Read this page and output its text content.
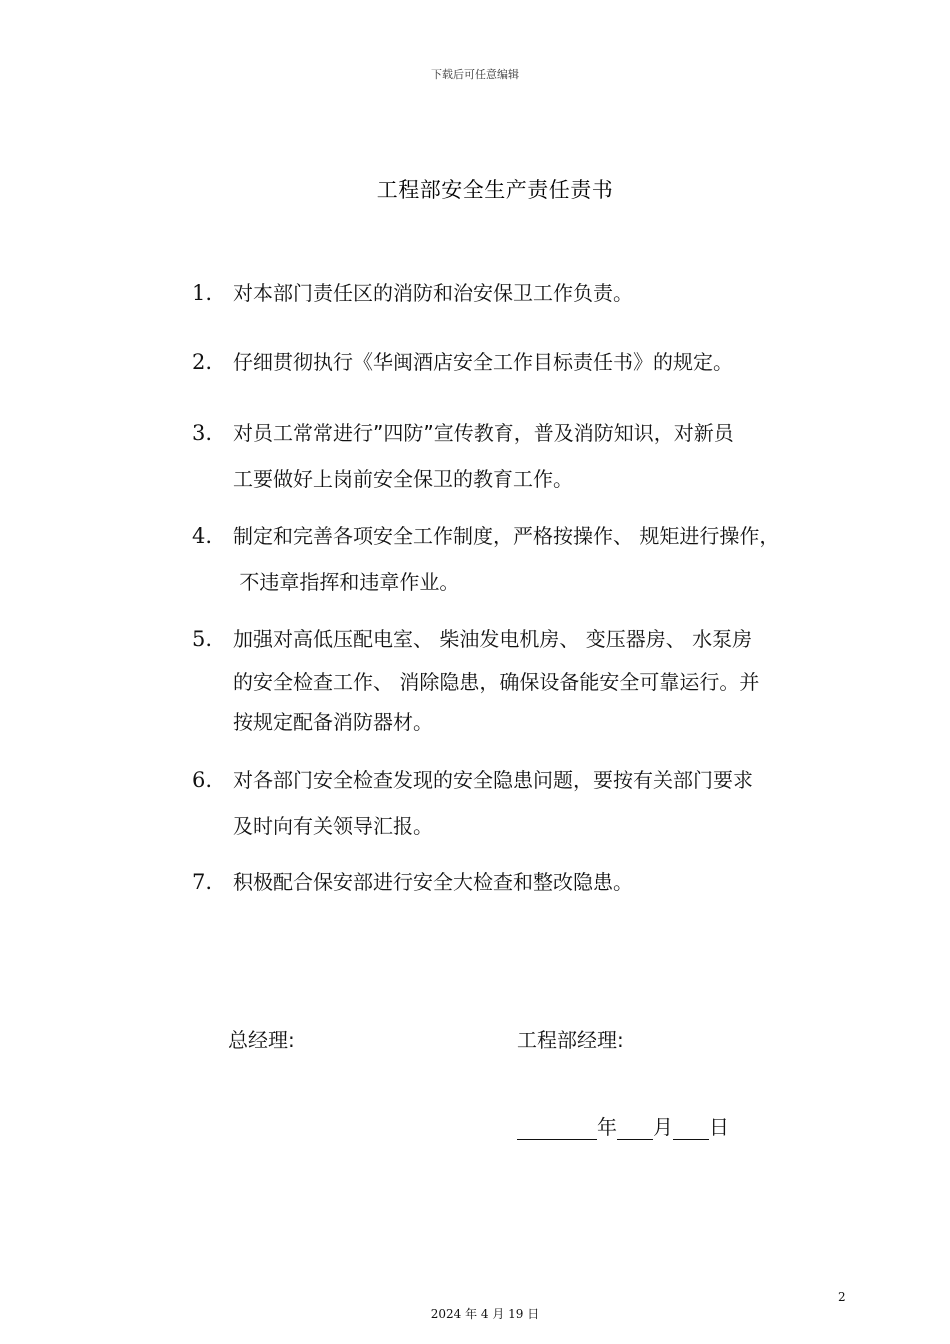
下载后可任意编辑
工程部安全生产责任责书
1. 对本部门责任区的消防和治安保卫工作负责。
2. 仔细贯彻执行《华闽酒店安全工作目标责任书》的规定。
3. 对员工常常进行”四防”宣传教育，普及消防知识，对新员
工要做好上岗前安全保卫的教育工作。
4. 制定和完善各项安全工作制度，严格按操作、 规矩进行操作，
不违章指挥和违章作业。
5. 加强对高低压配电室、 柴油发电机房、 变压器房、 水泵房
的安全检查工作、 消除隐患，确保设备能安全可靠运行。并
按规定配备消防器材。
6. 对各部门安全检查发现的安全隐患问题，要按有关部门要求
及时向有关领导汇报。
7. 积极配合保安部进行安全大检查和整改隐患。
总经理:	工程部经理:
年 月 日
2
2024 年 4 月 19 日
